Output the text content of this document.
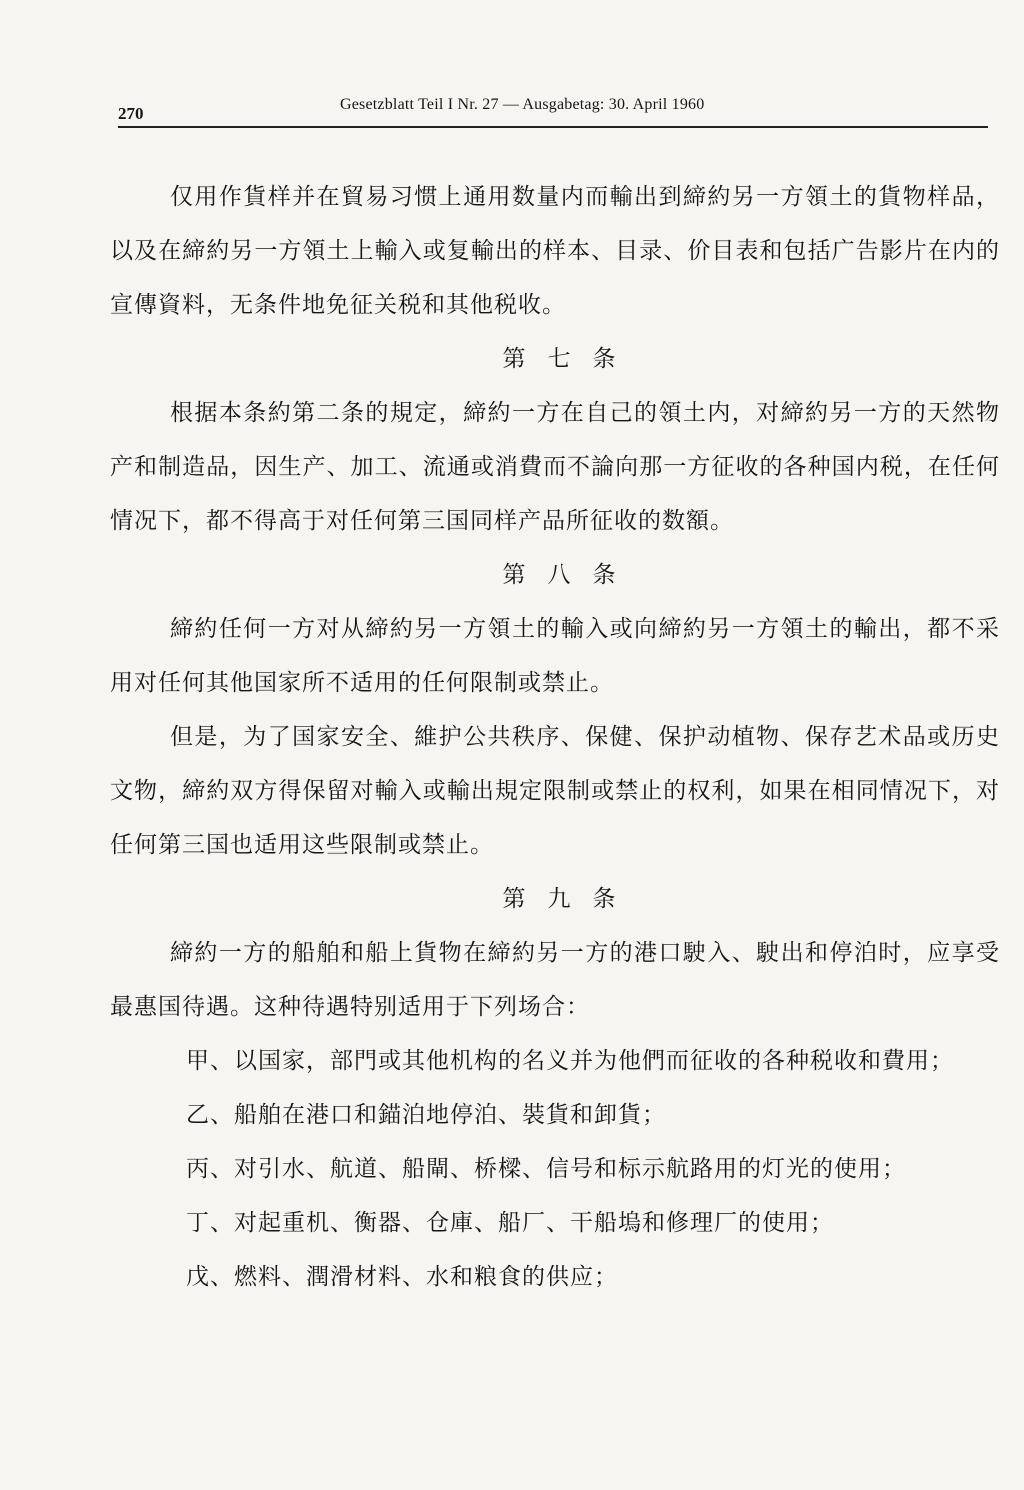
270	Gesetzblatt Teil I Nr. 27 — Ausgabetag: 30. April 1960

仅用作貨样并在貿易习惯上通用数量内而輸出到締約另一方領土的貨物样品，以及在締約另一方領土上輸入或复輸出的样本、目录、价目表和包括广告影片在内的宣傳資料，无条件地免征关税和其他税收。

第七条

根据本条約第二条的規定，締約一方在自己的領土内，对締約另一方的天然物产和制造品，因生产、加工、流通或消費而不論向那一方征收的各种国内税，在任何情况下，都不得高于对任何第三国同样产品所征收的数額。

第八条

締約任何一方对从締約另一方領土的輸入或向締約另一方領土的輸出，都不采用对任何其他国家所不适用的任何限制或禁止。

但是，为了国家安全、維护公共秩序、保健、保护动植物、保存艺术品或历史文物，締約双方得保留对輸入或輸出規定限制或禁止的权利，如果在相同情况下，对任何第三国也适用这些限制或禁止。

第九条

締約一方的船舶和船上貨物在締約另一方的港口駛入、駛出和停泊时，应享受最惠国待遇。这种待遇特别适用于下列场合：

甲、以国家，部門或其他机构的名义并为他們而征收的各种税收和費用；

乙、船舶在港口和錨泊地停泊、裝貨和卸貨；

丙、对引水、航道、船閘、桥樑、信号和标示航路用的灯光的使用；

丁、对起重机、衡器、仓庫、船厂、干船塢和修理厂的使用；

戊、燃料、潤滑材料、水和粮食的供应；
